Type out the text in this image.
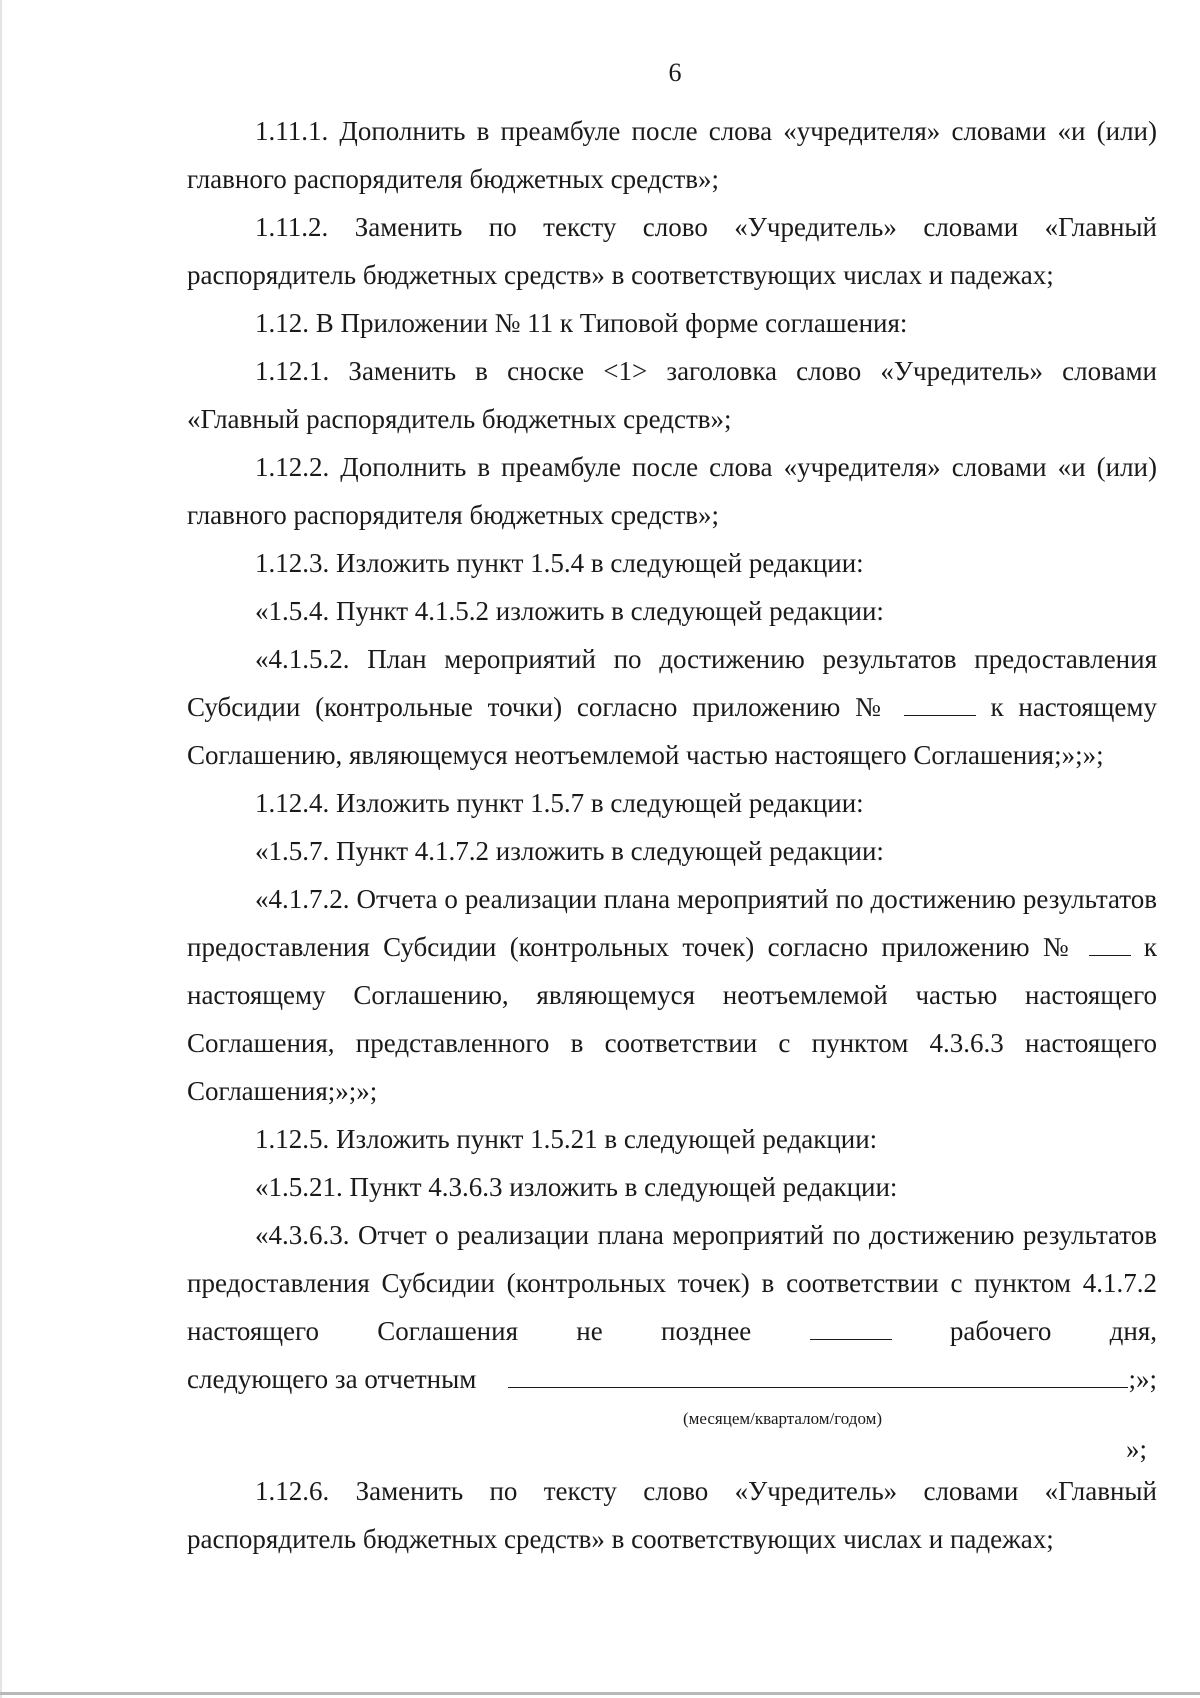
6

1.11.1. Дополнить в преамбуле после слова «учредителя» словами «и (или) главного распорядителя бюджетных средств»;

1.11.2. Заменить по тексту слово «Учредитель» словами «Главный распорядитель бюджетных средств» в соответствующих числах и падежах;

1.12. В Приложении № 11 к Типовой форме соглашения:

1.12.1. Заменить в сноске <1> заголовка слово «Учредитель» словами «Главный распорядитель бюджетных средств»;

1.12.2. Дополнить в преамбуле после слова «учредителя» словами «и (или) главного распорядителя бюджетных средств»;

1.12.3. Изложить пункт 1.5.4 в следующей редакции:

«1.5.4. Пункт 4.1.5.2 изложить в следующей редакции:

«4.1.5.2. План мероприятий по достижению результатов предоставления Субсидии (контрольные точки) согласно приложению №	к настоящему Соглашению, являющемуся неотъемлемой частью настоящего Соглашения;»;»;

1.12.4. Изложить пункт 1.5.7 в следующей редакции:

«1.5.7. Пункт 4.1.7.2 изложить в следующей редакции:

«4.1.7.2. Отчета о реализации плана мероприятий по достижению результатов предоставления Субсидии (контрольных точек) согласно приложению №	к настоящему Соглашению, являющемуся неотъемлемой частью настоящего Соглашения, представленного в соответствии с пунктом 4.3.6.3 настоящего Соглашения;»;»;

1.12.5. Изложить пункт 1.5.21 в следующей редакции:

«1.5.21. Пункт 4.3.6.3 изложить в следующей редакции:

«4.3.6.3. Отчет о реализации плана мероприятий по достижению результатов предоставления Субсидии (контрольных точек) в соответствии с пунктом 4.1.7.2 настоящего Соглашения не позднее	рабочего дня,

следующего за отчетным	;»;

(месяцем/кварталом/годом)

»;

1.12.6. Заменить по тексту слово «Учредитель» словами «Главный распорядитель бюджетных средств» в соответствующих числах и падежах;
